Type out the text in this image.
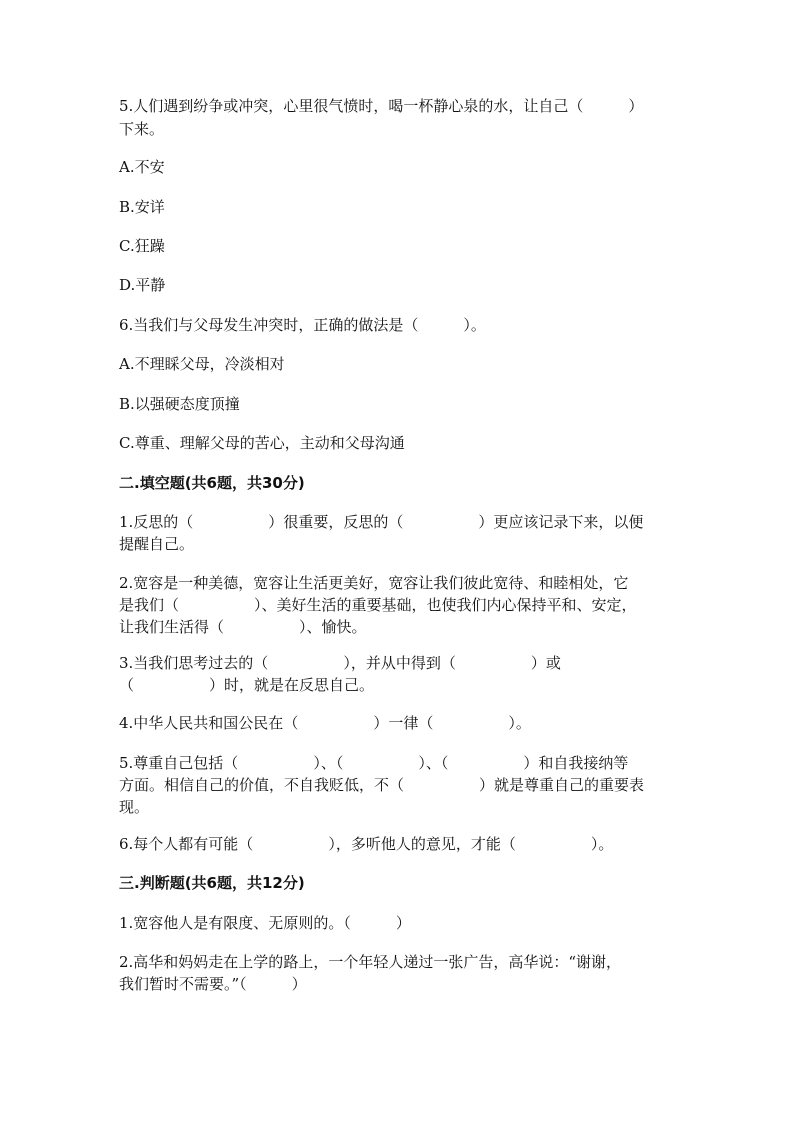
5.人们遇到纷争或冲突，心里很气愤时，喝一杯静心泉的水，让自己（　　　）
下来。
A.不安
B.安详
C.狂躁
D.平静
6.当我们与父母发生冲突时，正确的做法是（　　　）。
A.不理睬父母，冷淡相对
B.以强硬态度顶撞
C.尊重、理解父母的苦心，主动和父母沟通
二.填空题(共6题，共30分)
1.反思的（　　　　　）很重要，反思的（　　　　　）更应该记录下来，以便
提醒自己。
2.宽容是一种美德，宽容让生活更美好，宽容让我们彼此宽待、和睦相处，它
是我们（　　　　　）、美好生活的重要基础，也使我们内心保持平和、安定，
让我们生活得（　　　　　）、愉快。
3.当我们思考过去的（　　　　　），并从中得到（　　　　　）或
（　　　　　）时，就是在反思自己。
4.中华人民共和国公民在（　　　　　）一律（　　　　　）。
5.尊重自己包括（　　　　　）、（　　　　　）、（　　　　　）和自我接纳等
方面。相信自己的价值，不自我贬低，不（　　　　　）就是尊重自己的重要表
现。
6.每个人都有可能（　　　　　），多听他人的意见，才能（　　　　　）。
三.判断题(共6题，共12分)
1.宽容他人是有限度、无原则的。（　　　）
2.高华和妈妈走在上学的路上，一个年轻人递过一张广告，高华说：“谢谢，
我们暂时不需要。”（　　　）
